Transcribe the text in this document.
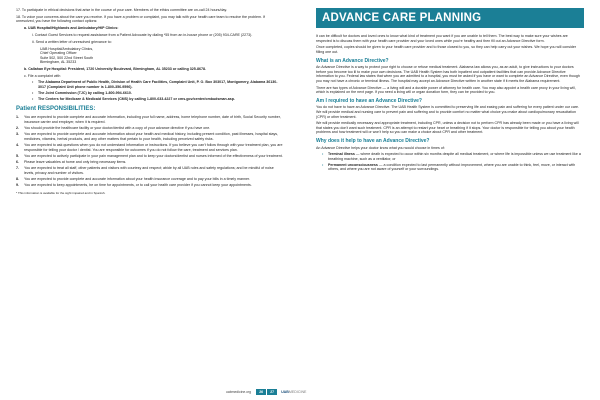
17. To participate in ethical decisions that arise in the course of your care. Members of the ethics committee are on-call 24 hours/day.

18. To voice your concerns about the care you receive. If you have a problem or complaint, you may talk with your health care team to resolve the problem. If unresolved, you have the following contact options:

a. UAB Hospital/Highlands and Ambulatory/HIP Clinics:

i. Contact Guest Services to request assistance from a Patient Advocate by dialing *55 from an in-house phone or (205) 934-CARE (2273).

ii. Send a written letter of unresolved grievance to:

UAB Hospital/Ambulatory Clinics,
Chief Operating Officer
Suite 502, 500 22nd Street South
Birmingham, AL 35233

b. Callahan Eye Hospital: President, 1720 University Boulevard, Birmingham, AL 35233 or calling 325-8678.

c. File a complaint with

•	The Alabama Department of Public Health, Division of Health Care Facilities, Complaint Unit, P. O. Box 303017, Montgomery, Alabama 36130-3017 (Complaint Unit phone number is 1-800-356-9596).
•	The Joint Commission (TJC) by calling 1-800-994-6610.
•	The Centers for Medicare & Medicaid Services (CMS) by calling 1-800-633-4227 or cms.gov/center/ombudsman.asp.
Patient RESPONSIBILITIES:
1.	You are expected to provide complete and accurate information, including your full name, address, home telephone number, date of birth, Social Security number, insurance carrier and employer, when it is required.
2.	You should provide the healthcare facility or your doctor/dentist with a copy of your advance directive if you have one.
3.	You are expected to provide complete and accurate information about your health and medical history, including present condition, past illnesses, hospital stays, medicines, vitamins, herbal products, and any other matters that pertain to your health, including perceived safety risks.
4.	You are expected to ask questions when you do not understand information or instructions. If you believe you can't follow through with your treatment plan, you are responsible for telling your doctor / dentist. You are responsible for outcomes if you do not follow the care, treatment and services plan.
5.	You are expected to actively participate in your pain management plan and to keep your doctors/dentist and nurses informed of the effectiveness of your treatment.
6.	Please leave valuables at home and only bring necessary items.
7.	You are expected to treat all staff, other patients and visitors with courtesy and respect; abide by all UAB rules and safety regulations; and be mindful of noise levels, privacy and number of visitors.
8.	You are expected to provide complete and accurate information about your health insurance coverage and to pay your bills in a timely manner.
9.	You are expected to keep appointments, be on time for appointments, or to call your health care provider if you cannot keep your appointments.
* This information is available for the sight impaired and in Spanish.
ADVANCE CARE PLANNING

It can be difficult for doctors and loved ones to know what kind of treatment you want if you are unable to tell them. The best way to make sure your wishes are respected is to discuss them with your health care provider and your loved ones while you're healthy and then fill out an Advance Directive form.

Once completed, copies should be given to your health care provider and to those closest to you, so they can help carry out your wishes. We hope you will consider filling one out.

What is an Advance Directive?

An Advance Directive is a way to protect your right to choose or refuse medical treatment. Alabama law allows you, as an adult, to give instructions to your doctors before you become too ill to make your own decisions. The UAB Health System has both inpatient and outpatient facilities that can provide Advance Directive information to you. Federal law states that when you are admitted to a hospital, you must be asked if you have or want to complete an Advance Directive, even though you may not have a chronic or terminal illness. The hospital may accept an Advance Directive written in another state if it meets the Alabama requirement.

There are two types of Advance Directive — a living will and a durable power of attorney for health care. You may also appoint a health care proxy in your living will, which is explained on the next page. If you need a living will or organ donation form, they can be provided to you.

Am I required to have an Advance Directive?

You do not have to have an Advance Directive. The UAB Health System is committed to preserving life and easing pain and suffering for every patient under our care. We will provide medical and nursing care to prevent pain and suffering and to provide comfort no matter what choice you make about cardiopulmonary resuscitation (CPR) or other treatment.

We will provide medically necessary and appropriate treatment, including CPR, unless a decision not to perform CPR has already been made or you have a living will that states you don't want such treatment. CPR is an attempt to restart your heart or breathing if it stops. Your doctor is responsible for telling you about your health problems and how treatment will or won't help so you can make a choice about CPR and other treatment.

Why does it help to have an Advance Directive?

An Advance Directive helps your doctor know what you would choose in times of:

•	Terminal illness — where death is expected to occur within six months despite all medical treatment, or where life is impossible unless we use treatment like a breathing machine, such as a ventilator, or
•	Permanent unconsciousness — a condition expected to last permanently without improvement, where you are unable to think, feel, move, or interact with others, and where you are not aware of yourself or your surroundings.
uabmedicine.org	26	27	UABMEDICINE
